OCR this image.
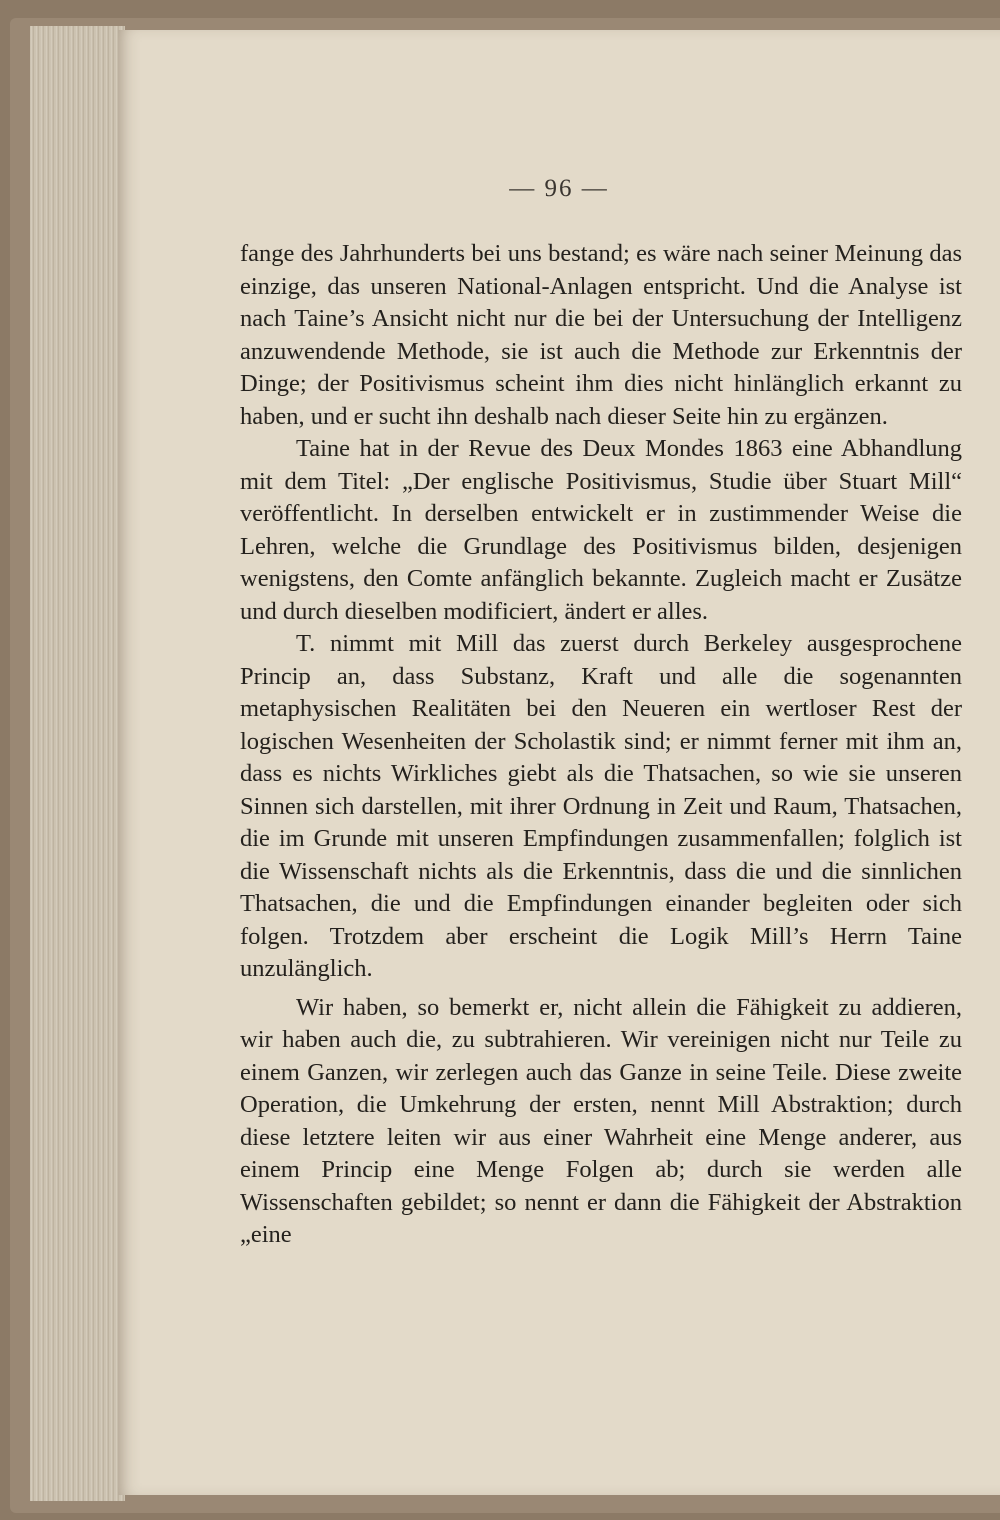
— 96 —

fange des Jahrhunderts bei uns bestand; es wäre nach seiner Meinung das einzige, das unseren National-Anlagen entspricht. Und die Analyse ist nach Taine’s Ansicht nicht nur die bei der Untersuchung der Intelligenz anzuwendende Methode, sie ist auch die Methode zur Erkenntnis der Dinge; der Positivismus scheint ihm dies nicht hinlänglich erkannt zu haben, und er sucht ihn deshalb nach dieser Seite hin zu ergänzen.

Taine hat in der Revue des Deux Mondes 1863 eine Abhandlung mit dem Titel: „Der englische Positivismus, Studie über Stuart Mill“ veröffentlicht. In derselben entwickelt er in zustimmender Weise die Lehren, welche die Grundlage des Positivismus bilden, desjenigen wenigstens, den Comte anfänglich bekannte. Zugleich macht er Zusätze und durch dieselben modificiert, ändert er alles.

T. nimmt mit Mill das zuerst durch Berkeley ausgesprochene Princip an, dass Substanz, Kraft und alle die sogenannten metaphysischen Realitäten bei den Neueren ein wertloser Rest der logischen Wesenheiten der Scholastik sind; er nimmt ferner mit ihm an, dass es nichts Wirkliches giebt als die Thatsachen, so wie sie unseren Sinnen sich darstellen, mit ihrer Ordnung in Zeit und Raum, Thatsachen, die im Grunde mit unseren Empfindungen zusammenfallen; folglich ist die Wissenschaft nichts als die Erkenntnis, dass die und die sinnlichen Thatsachen, die und die Empfindungen einander begleiten oder sich folgen. Trotzdem aber erscheint die Logik Mill’s Herrn Taine unzulänglich.

Wir haben, so bemerkt er, nicht allein die Fähigkeit zu addieren, wir haben auch die, zu subtrahieren. Wir vereinigen nicht nur Teile zu einem Ganzen, wir zerlegen auch das Ganze in seine Teile. Diese zweite Operation, die Umkehrung der ersten, nennt Mill Abstraktion; durch diese letztere leiten wir aus einer Wahrheit eine Menge anderer, aus einem Princip eine Menge Folgen ab; durch sie werden alle Wissenschaften gebildet; so nennt er dann die Fähigkeit der Abstraktion „eine
